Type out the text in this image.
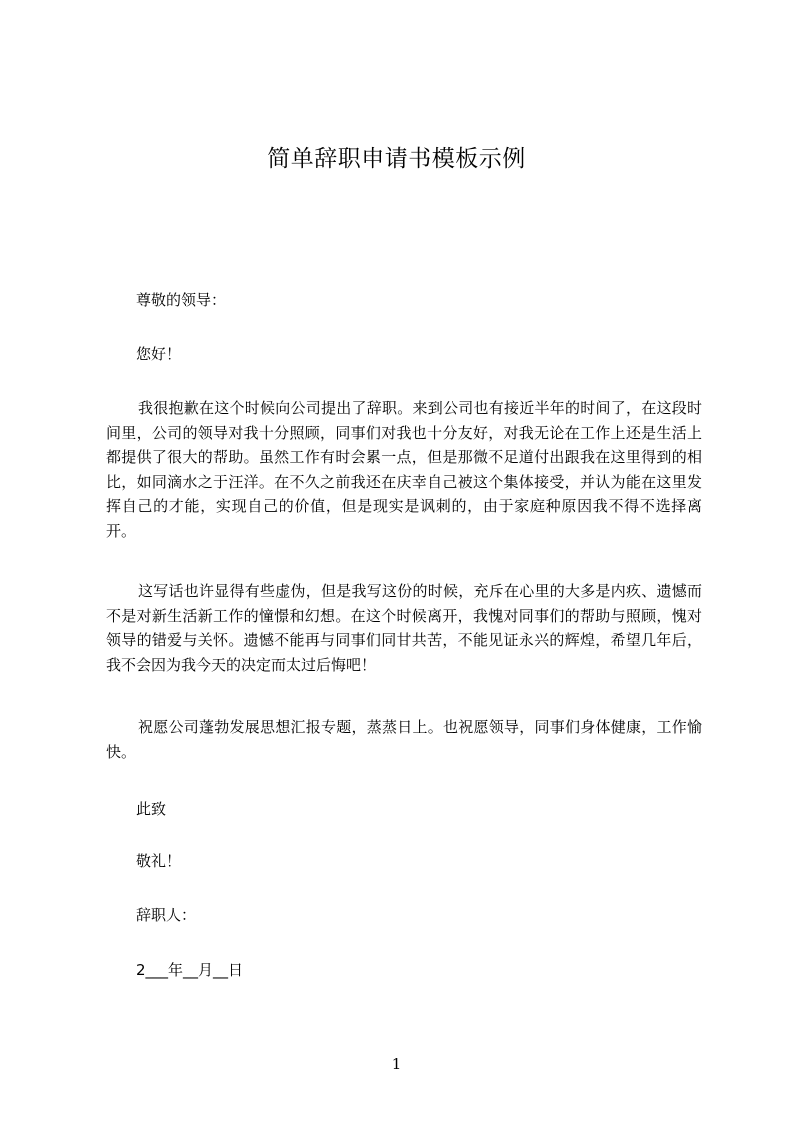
简单辞职申请书模板示例
尊敬的领导：
您好！
我很抱歉在这个时候向公司提出了辞职。来到公司也有接近半年的时间了，在这段时间里，公司的领导对我十分照顾，同事们对我也十分友好，对我无论在工作上还是生活上都提供了很大的帮助。虽然工作有时会累一点，但是那微不足道付出跟我在这里得到的相比，如同滴水之于汪洋。在不久之前我还在庆幸自己被这个集体接受，并认为能在这里发挥自己的才能，实现自己的价值，但是现实是讽刺的，由于家庭种原因我不得不选择离开。
这写话也许显得有些虚伪，但是我写这份的时候，充斥在心里的大多是内疚、遗憾而不是对新生活新工作的憧憬和幻想。在这个时候离开，我愧对同事们的帮助与照顾，愧对领导的错爱与关怀。遗憾不能再与同事们同甘共苦，不能见证永兴的辉煌，希望几年后，我不会因为我今天的决定而太过后悔吧！
祝愿公司蓬勃发展思想汇报专题，蒸蒸日上。也祝愿领导，同事们身体健康，工作愉快。
此致
敬礼！
辞职人：
2___年__月__日
1
